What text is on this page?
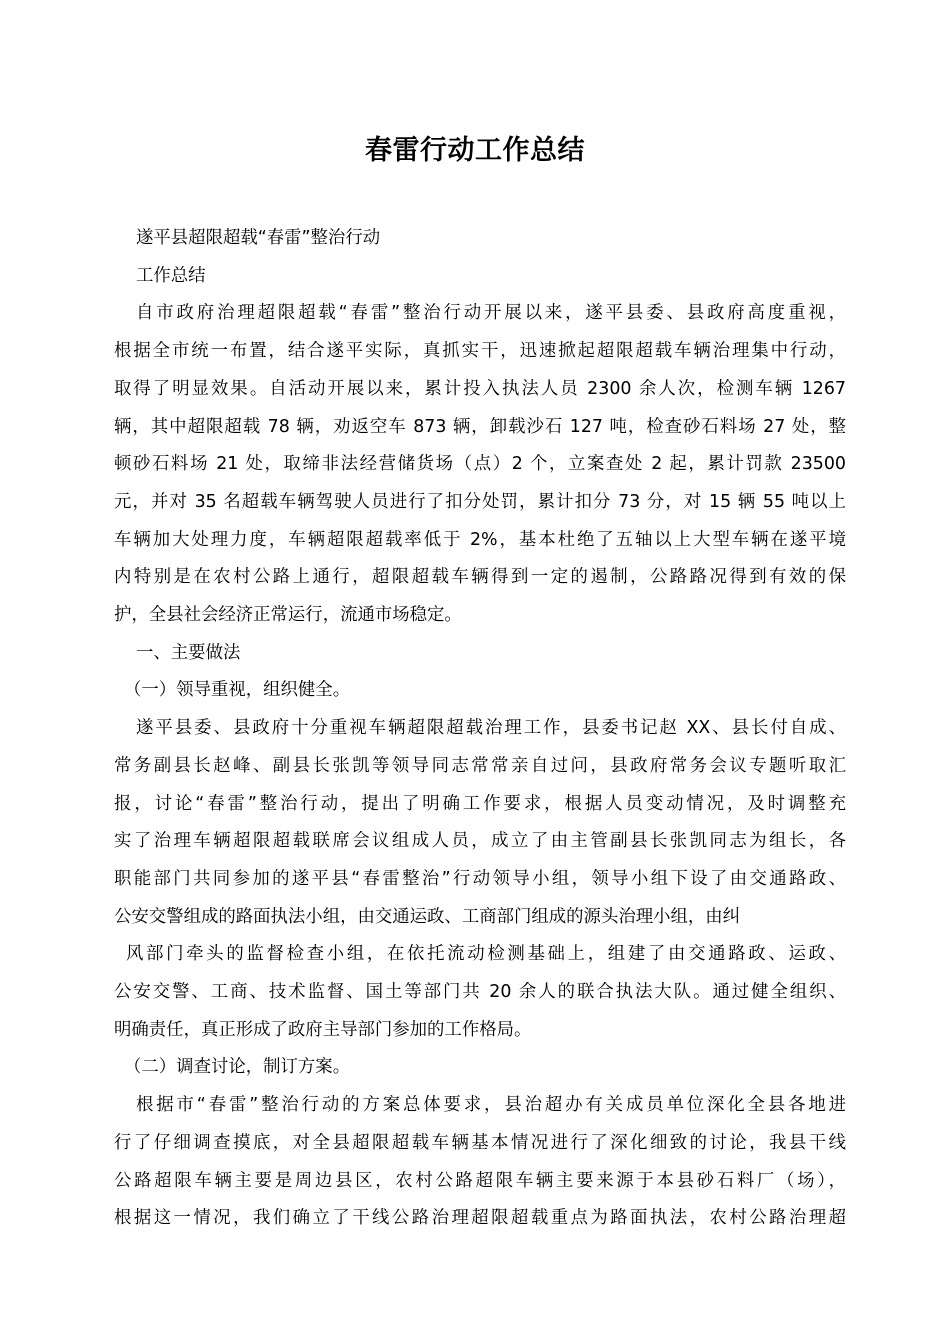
春雷行动工作总结
遂平县超限超载“春雷”整治行动
工作总结
自市政府治理超限超载“春雷”整治行动开展以来，遂平县委、县政府高度重视，
根据全市统一布置，结合遂平实际，真抓实干，迅速掀起超限超载车辆治理集中行动，
取得了明显效果。自活动开展以来，累计投入执法人员 2300 余人次，检测车辆 1267
辆，其中超限超载 78 辆，劝返空车 873 辆，卸载沙石 127 吨，检查砂石料场 27 处，整
顿砂石料场 21 处，取缔非法经营储货场（点）2 个，立案查处 2 起，累计罚款 23500
元，并对 35 名超载车辆驾驶人员进行了扣分处罚，累计扣分 73 分，对 15 辆 55 吨以上
车辆加大处理力度，车辆超限超载率低于 2%，基本杜绝了五轴以上大型车辆在遂平境
内特别是在农村公路上通行，超限超载车辆得到一定的遏制，公路路况得到有效的保
护，全县社会经济正常运行，流通市场稳定。
一、主要做法
（一）领导重视，组织健全。
遂平县委、县政府十分重视车辆超限超载治理工作，县委书记赵 XX、县长付自成、
常务副县长赵峰、副县长张凯等领导同志常常亲自过问，县政府常务会议专题听取汇
报，讨论“春雷”整治行动，提出了明确工作要求，根据人员变动情况，及时调整充
实了治理车辆超限超载联席会议组成人员，成立了由主管副县长张凯同志为组长，各
职能部门共同参加的遂平县“春雷整治”行动领导小组，领导小组下设了由交通路政、
公安交警组成的路面执法小组，由交通运政、工商部门组成的源头治理小组，由纠
风部门牵头的监督检查小组，在依托流动检测基础上，组建了由交通路政、运政、
公安交警、工商、技术监督、国土等部门共 20 余人的联合执法大队。通过健全组织、
明确责任，真正形成了政府主导部门参加的工作格局。
（二）调查讨论，制订方案。
根据市“春雷”整治行动的方案总体要求，县治超办有关成员单位深化全县各地进
行了仔细调查摸底，对全县超限超载车辆基本情况进行了深化细致的讨论，我县干线
公路超限车辆主要是周边县区，农村公路超限车辆主要来源于本县砂石料厂（场），
根据这一情况，我们确立了干线公路治理超限超载重点为路面执法，农村公路治理超
